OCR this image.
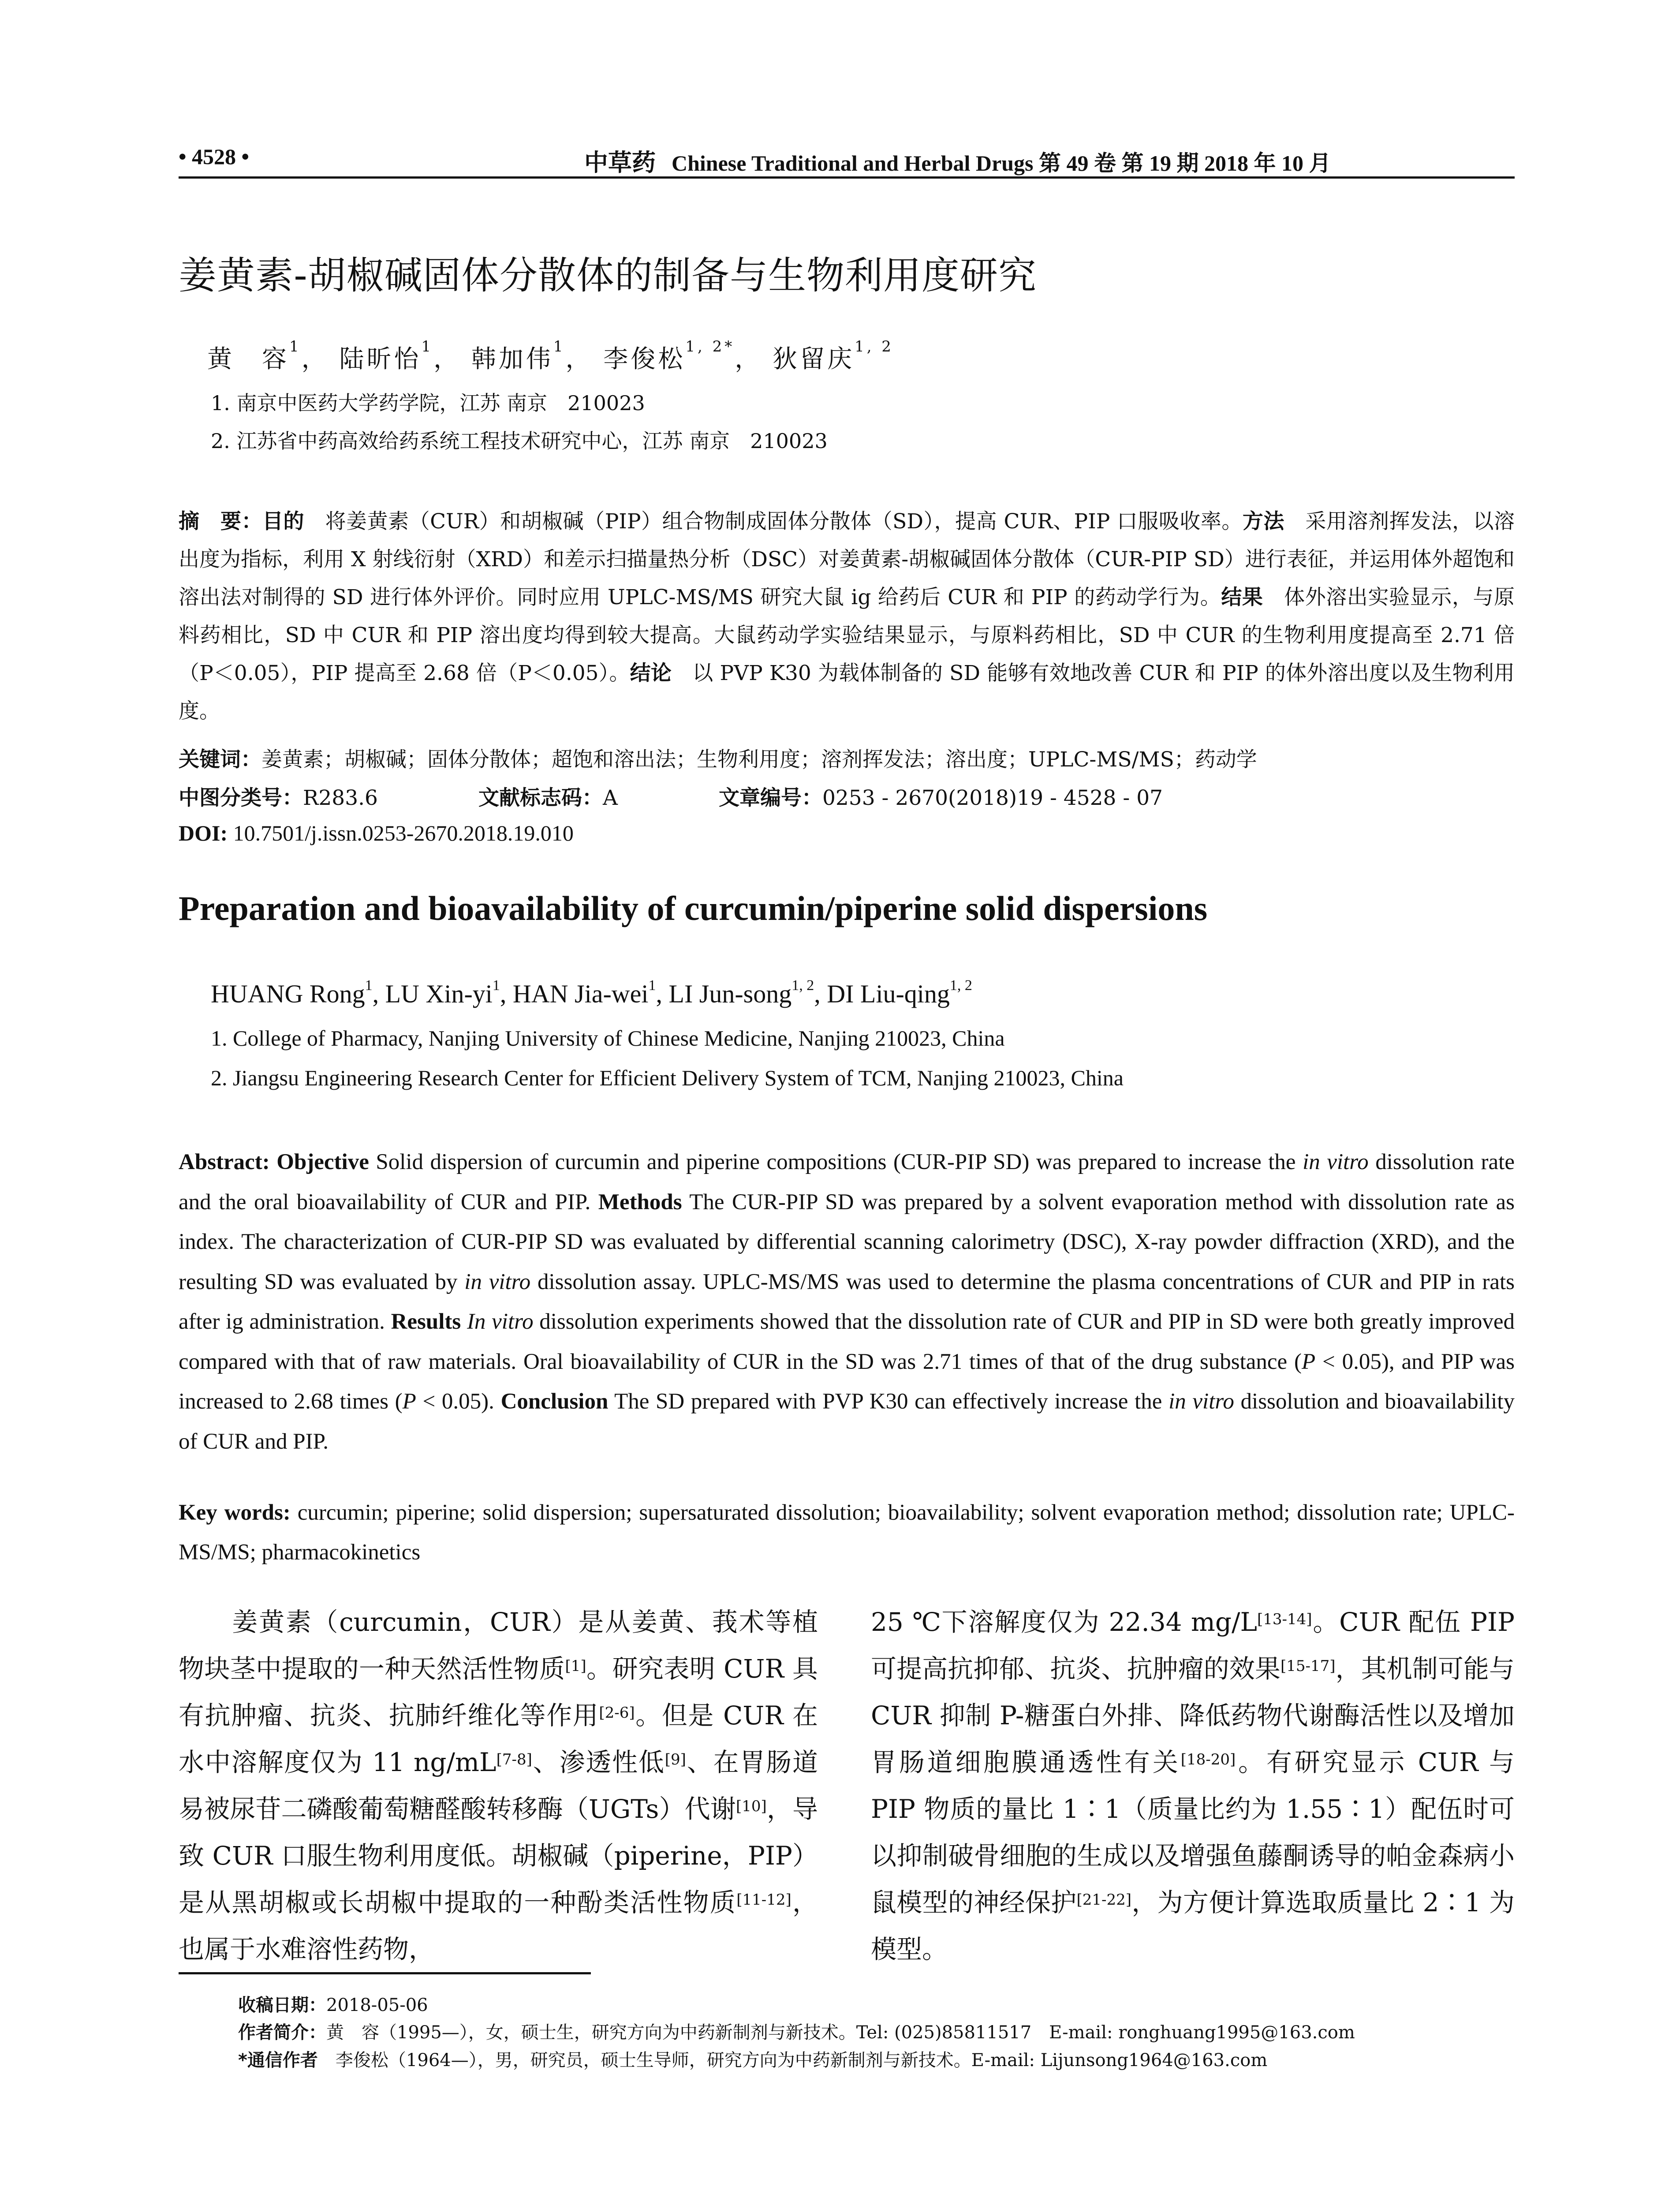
• 4528 •	中草药 Chinese Traditional and Herbal Drugs 第 49 卷 第 19 期 2018 年 10 月
姜黄素-胡椒碱固体分散体的制备与生物利用度研究
黄　容$^1$， 陆昕怡$^1$， 韩加伟$^1$， 李俊松$^{1, 2*}$， 狄留庆$^{1, 2}$
1. 南京中医药大学药学院，江苏 南京　210023
2. 江苏省中药高效给药系统工程技术研究中心，江苏 南京　210023
摘　要：目的　将姜黄素（CUR）和胡椒碱（PIP）组合物制成固体分散体（SD），提高 CUR、PIP 口服吸收率。方法　采用溶剂挥发法，以溶出度为指标，利用 X 射线衍射（XRD）和差示扫描量热分析（DSC）对姜黄素-胡椒碱固体分散体（CUR-PIP SD）进行表征，并运用体外超饱和溶出法对制得的 SD 进行体外评价。同时应用 UPLC-MS/MS 研究大鼠 ig 给药后 CUR 和 PIP 的药动学行为。结果　体外溶出实验显示，与原料药相比，SD 中 CUR 和 PIP 溶出度均得到较大提高。大鼠药动学实验结果显示，与原料药相比，SD 中 CUR 的生物利用度提高至 2.71 倍（P＜0.05），PIP 提高至 2.68 倍（P＜0.05）。结论　以 PVP K30 为载体制备的 SD 能够有效地改善 CUR 和 PIP 的体外溶出度以及生物利用度。
关键词：姜黄素；胡椒碱；固体分散体；超饱和溶出法；生物利用度；溶剂挥发法；溶出度；UPLC-MS/MS；药动学
中图分类号：R283.6	文献标志码：A	文章编号：0253 - 2670(2018)19 - 4528 - 07
DOI: 10.7501/j.issn.0253-2670.2018.19.010
Preparation and bioavailability of curcumin/piperine solid dispersions
HUANG Rong$^1$, LU Xin-$yi^1$, HAN Jia-wei$^1$, LI Jun-song$^{1, 2}$, DI Liu-qing$^{1, 2}$
1. College of Pharmacy, Nanjing University of Chinese Medicine, Nanjing 210023, China
2. Jiangsu Engineering Research Center for Efficient Delivery System of TCM, Nanjing 210023, China
Abstract: Objective Solid dispersion of curcumin and piperine compositions (CUR-PIP SD) was prepared to increase the in vitro dissolution rate and the oral bioavailability of CUR and PIP. Methods The CUR-PIP SD was prepared by a solvent evaporation method with dissolution rate as index. The characterization of CUR-PIP SD was evaluated by differential scanning calorimetry (DSC), X-ray powder diffraction (XRD), and the resulting SD was evaluated by in vitro dissolution assay. UPLC-MS/MS was used to determine the plasma concentrations of CUR and PIP in rats after ig administration. Results In vitro dissolution experiments showed that the dissolution rate of CUR and PIP in SD were both greatly improved compared with that of raw materials. Oral bioavailability of CUR in the SD was 2.71 times of that of the drug substance (P < 0.05), and PIP was increased to 2.68 times (P < 0.05). Conclusion The SD prepared with PVP K30 can effectively increase the in vitro dissolution and bioavailability of CUR and PIP.
Key words: curcumin; piperine; solid dispersion; supersaturated dissolution; bioavailability; solvent evaporation method; dissolution rate; UPLC-MS/MS; pharmacokinetics
　　姜黄素（curcumin，CUR）是从姜黄、莪术等植物块茎中提取的一种天然活性物质[1]。研究表明 CUR 具有抗肿瘤、抗炎、抗肺纤维化等作用[2-6]。但是 CUR 在水中溶解度仅为 11 ng/mL[7-8]、渗透性低[9]、在胃肠道易被尿苷二磷酸葡萄糖醛酸转移酶（UGTs）代谢[10]，导致 CUR 口服生物利用度低。胡椒碱（piperine，PIP）是从黑胡椒或长胡椒中提取的一种酚类活性物质[11-12]，也属于水难溶性药物，
25 ℃下溶解度仅为 22.34 mg/L[13-14]。CUR 配伍 PIP 可提高抗抑郁、抗炎、抗肿瘤的效果[15-17]，其机制可能与 CUR 抑制 P-糖蛋白外排、降低药物代谢酶活性以及增加胃肠道细胞膜通透性有关[18-20]。有研究显示 CUR 与 PIP 物质的量比 1∶1（质量比约为 1.55∶1）配伍时可以抑制破骨细胞的生成以及增强鱼藤酮诱导的帕金森病小鼠模型的神经保护[21-22]，为方便计算选取质量比 2∶1 为模型。
收稿日期：2018-05-06
作者简介：黄　容（1995—），女，硕士生，研究方向为中药新制剂与新技术。Tel: (025)85811517　E-mail: ronghuang1995@163.com
*通信作者　李俊松（1964—），男，研究员，硕士生导师，研究方向为中药新制剂与新技术。E-mail: Lijunsong1964@163.com
